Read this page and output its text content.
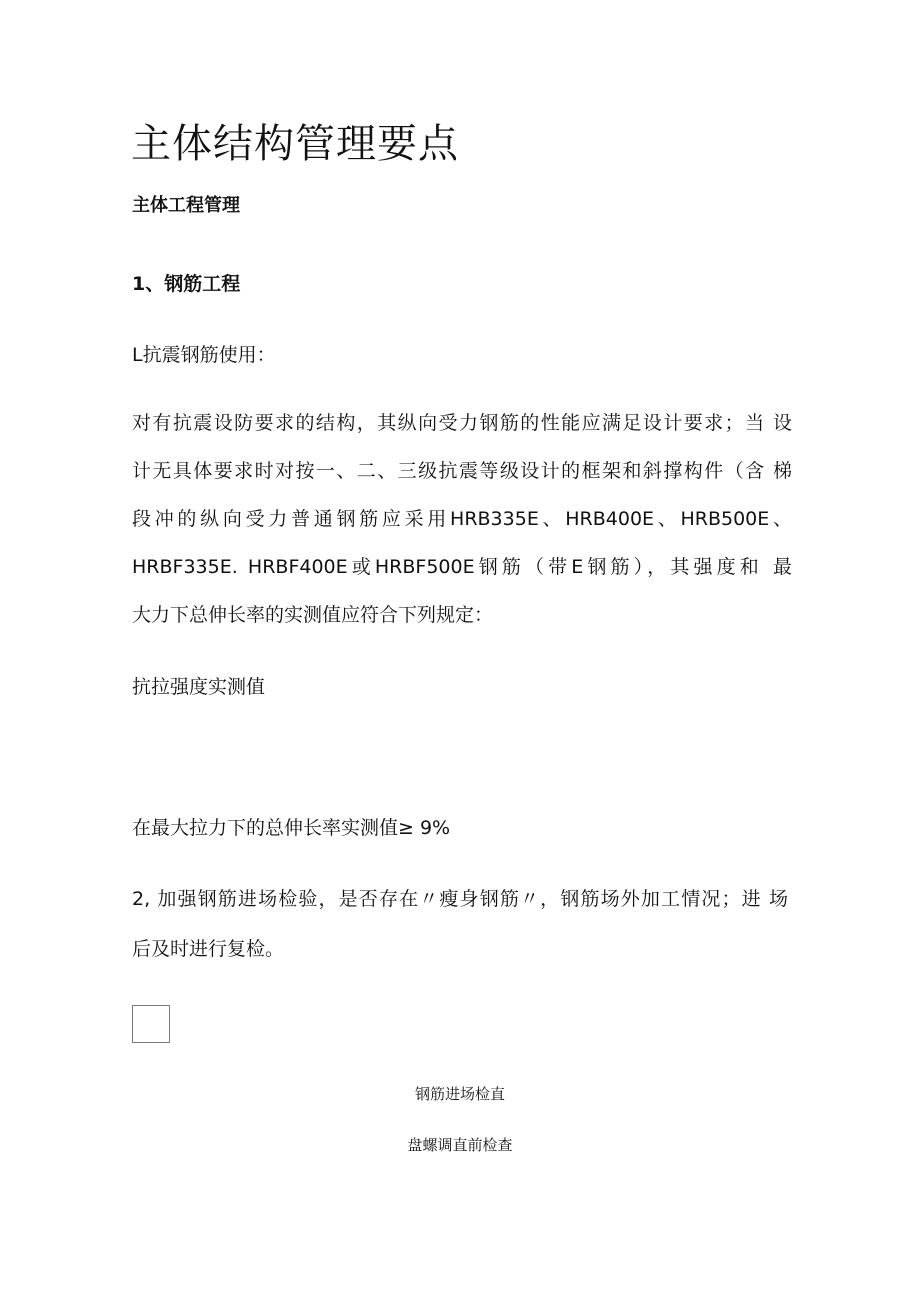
主体结构管理要点
主体工程管理
1、钢筋工程

L抗震钢筋使用：

对有抗震设防要求的结构，其纵向受力钢筋的性能应满足设计要求；当 设
计无具体要求时对按一、二、三级抗震等级设计的框架和斜撑构件（含 梯
段冲的纵向受力普通钢筋应采用HRB335E、HRB400E、HRB500E、
HRBF335E. HRBF400E或HRBF500E钢筋（带E钢筋），其强度和 最
大力下总伸长率的实测值应符合下列规定：

抗拉强度实测值

在最大拉力下的总伸长率实测值≥ 9%

2, 加强钢筋进场检验，是否存在〃瘦身钢筋〃，钢筋场外加工情况；进 场
后及时进行复检。

钢筋进场检直

盘螺调直前检查
